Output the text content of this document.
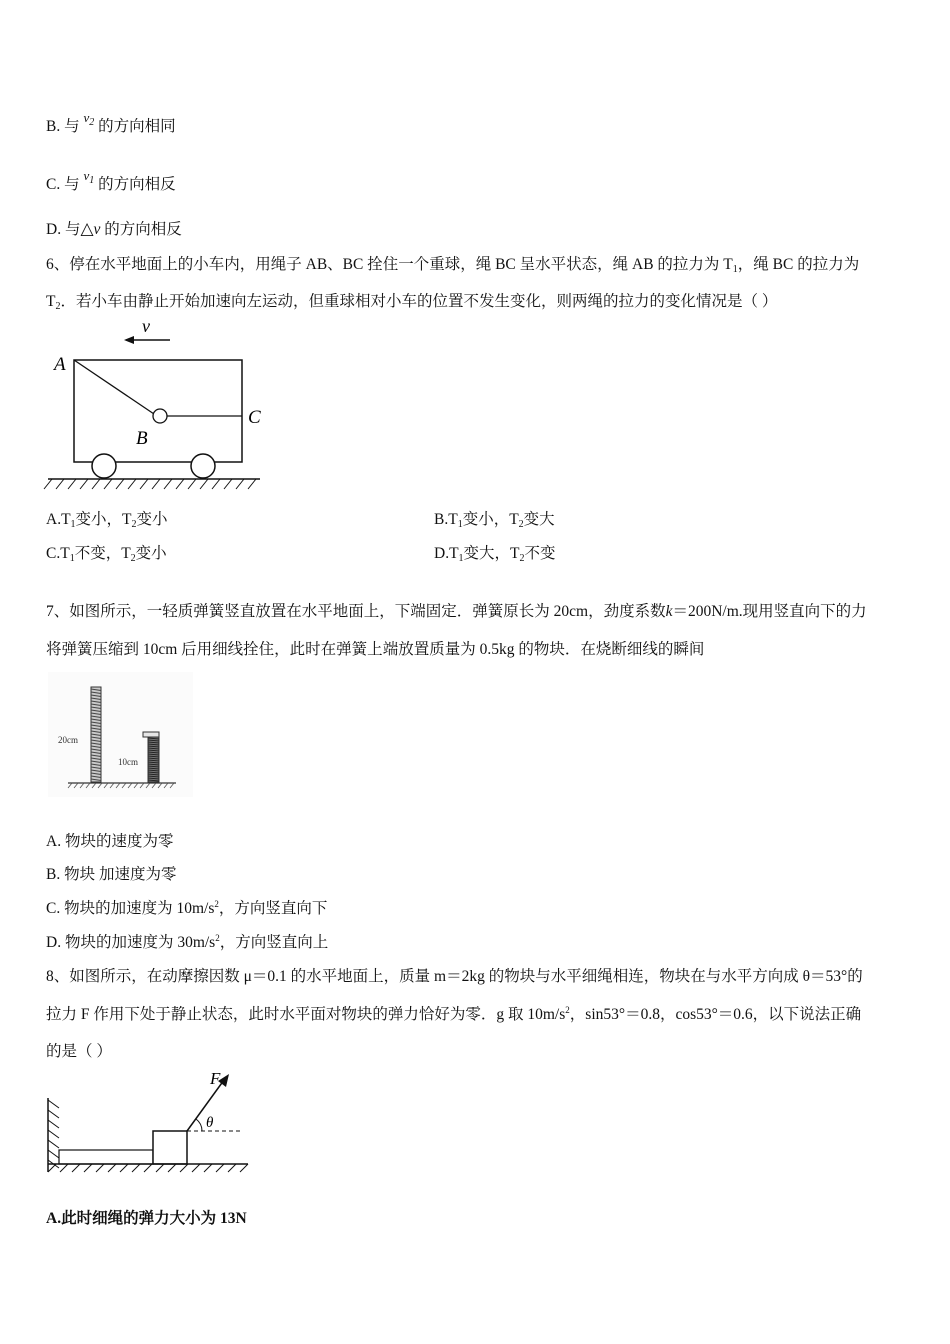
B. 与 $^{v_2}$ 的方向相同
C. 与 $^{v_1}$ 的方向相反
D. 与△v 的方向相反
6、停在水平地面上的小车内，用绳子 AB、BC 拴住一个重球，绳 BC 呈水平状态，绳 AB 的拉力为 $T_1$，绳 BC 的拉力为
$T_2$．若小车由静止开始加速向左运动，但重球相对小车的位置不发生变化，则两绳的拉力的变化情况是（ ）
v
A
B
C
$A.T_1$变小，$T_2$变小	$B.T_1$变小，$T_2$变大
$C.T_1$不变，$T_2$变小	$D.T_1$变大，$T_2$不变
7、如图所示，一轻质弹簧竖直放置在水平地面上，下端固定．弹簧原长为 20cm，劲度系数k＝200N/m.现用竖直向下的力
将弹簧压缩到 10cm 后用细线拴住，此时在弹簧上端放置质量为 0.5kg 的物块．在烧断细线的瞬间
20cm
10cm
A. 物块的速度为零
B. 物块 加速度为零
C. 物块的加速度为 $10m/s^2$，方向竖直向下
D. 物块的加速度为 $30m/s^2$，方向竖直向上
8、如图所示，在动摩擦因数 μ＝0.1 的水平地面上，质量 m＝2kg 的物块与水平细绳相连，物块在与水平方向成 θ＝53°的
拉力 F 作用下处于静止状态，此时水平面对物块的弹力恰好为零．g 取 $10m/s^2$，sin53°＝0.8，cos53°＝0.6，以下说法正确
的是（ ）
F
θ
A.此时细绳的弹力大小为 13N
